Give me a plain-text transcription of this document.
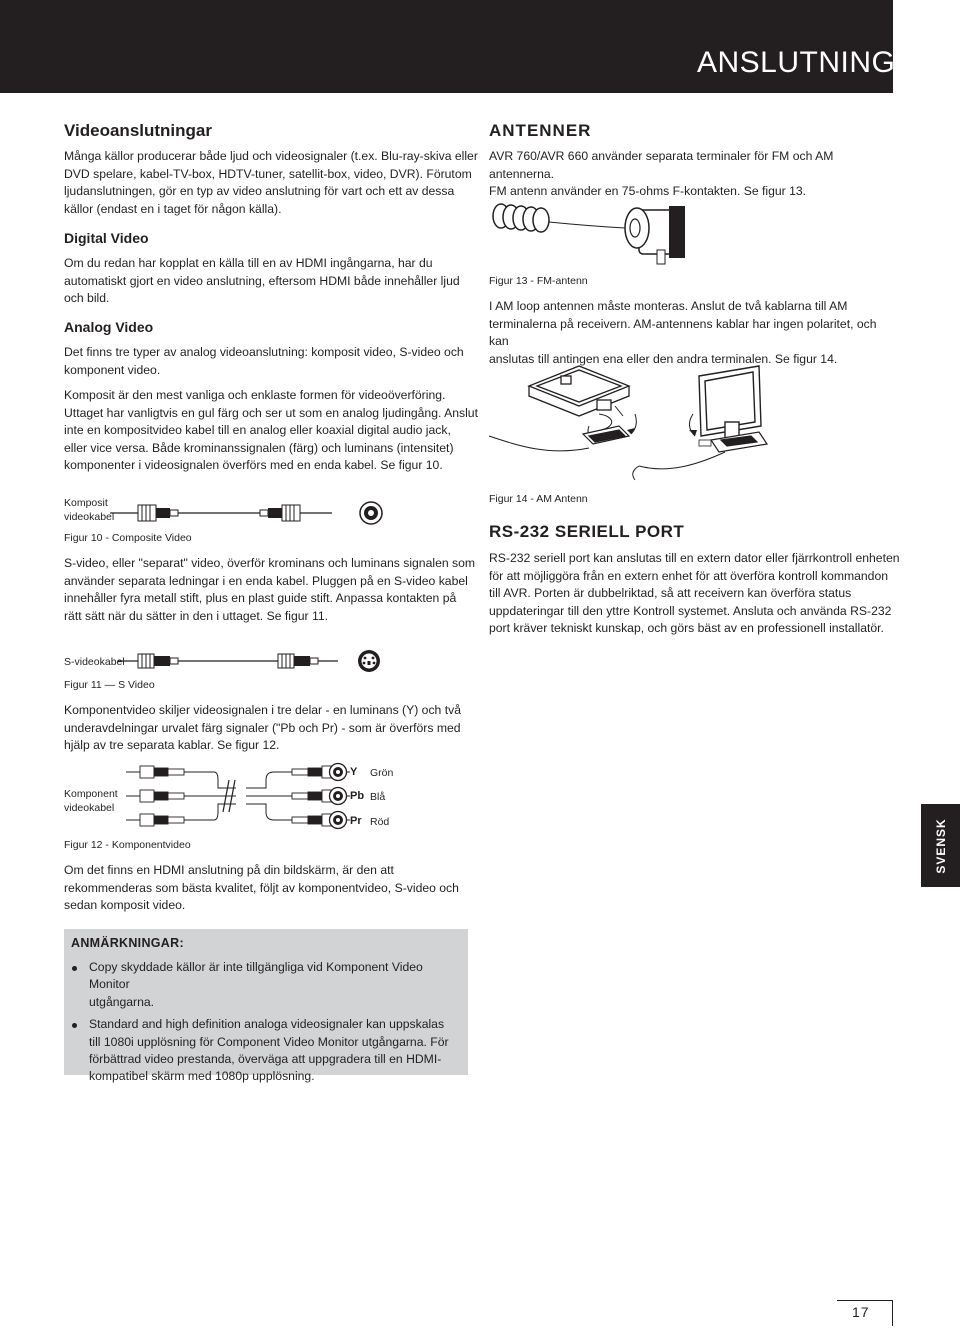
ANSLUTNINGAR
Videoanslutningar
Många källor producerar både ljud och videosignaler (t.ex. Blu-ray-skiva eller
DVD spelare, kabel-TV-box, HDTV-tuner, satellit-box, video, DVR). Förutom
ljudanslutningen, gör en typ av video anslutning för vart och ett av dessa
källor (endast en i taget för någon källa).
Digital Video
Om du redan har kopplat en källa till en av HDMI ingångarna, har du
automatiskt gjort en video anslutning, eftersom HDMI både innehåller ljud
och bild.
Analog Video
Det finns tre typer av analog videoanslutning: komposit video, S-video och
komponent video.
Komposit är den mest vanliga och enklaste formen för videoöverföring.
Uttaget har vanligtvis en gul färg och ser ut som en analog ljudingång. Anslut
inte en kompositvideo kabel till en analog eller koaxial digital audio jack,
eller vice versa. Både krominanssignalen (färg) och luminans (intensitet)
komponenter i videosignalen överförs med en enda kabel. Se figur 10.
Komposit
videokabel
Figur 10 - Composite Video
S-video, eller "separat" video, överför krominans och luminans signalen som
använder separata ledningar i en enda kabel. Pluggen på en S-video kabel
innehåller fyra metall stift, plus en plast guide stift. Anpassa kontakten på
rätt sätt när du sätter in den i uttaget. Se figur 11.
S-videokabel
Figur 11 — S Video
Komponentvideo skiljer videosignalen i tre delar - en luminans (Y) och två
underavdelningar urvalet färg signaler ("Pb och Pr) - som är överförs med
hjälp av tre separata kablar. Se figur 12.
Komponent
videokabel
Y Grön
Pb Blå
Pr Röd
Figur 12 - Komponentvideo
Om det finns en HDMI anslutning på din bildskärm, är den att
rekommenderas som bästa kvalitet, följt av komponentvideo, S-video och
sedan komposit video.
ANMÄRKNINGAR:
Copy skyddade källor är inte tillgängliga vid Komponent Video Monitor
utgångarna.
Standard and high definition analoga videosignaler kan uppskalas
till 1080i upplösning för Component Video Monitor utgångarna. För
förbättrad video prestanda, överväga att uppgradera till en HDMI-
kompatibel skärm med 1080p upplösning.
ANTENNER
AVR 760/AVR 660 använder separata terminaler för FM och AM antennerna.
FM antenn använder en 75-ohms F-kontakten. Se figur 13.
Figur 13 - FM-antenn
I AM loop antennen måste monteras. Anslut de två kablarna till AM
terminalerna på receivern. AM-antennens kablar har ingen polaritet, och kan
anslutas till antingen ena eller den andra terminalen. Se figur 14.
Figur 14 - AM Antenn
RS-232 SERIELL PORT
RS-232 seriell port kan anslutas till en extern dator eller fjärrkontroll enheten
för att möjliggöra från en extern enhet för att överföra kontroll kommandon
till AVR. Porten är dubbelriktad, så att receivern kan överföra status
uppdateringar till den yttre Kontroll systemet. Ansluta och använda RS-232
port kräver tekniskt kunskap, och görs bäst av en professionell installatör.
SVENSK
17
